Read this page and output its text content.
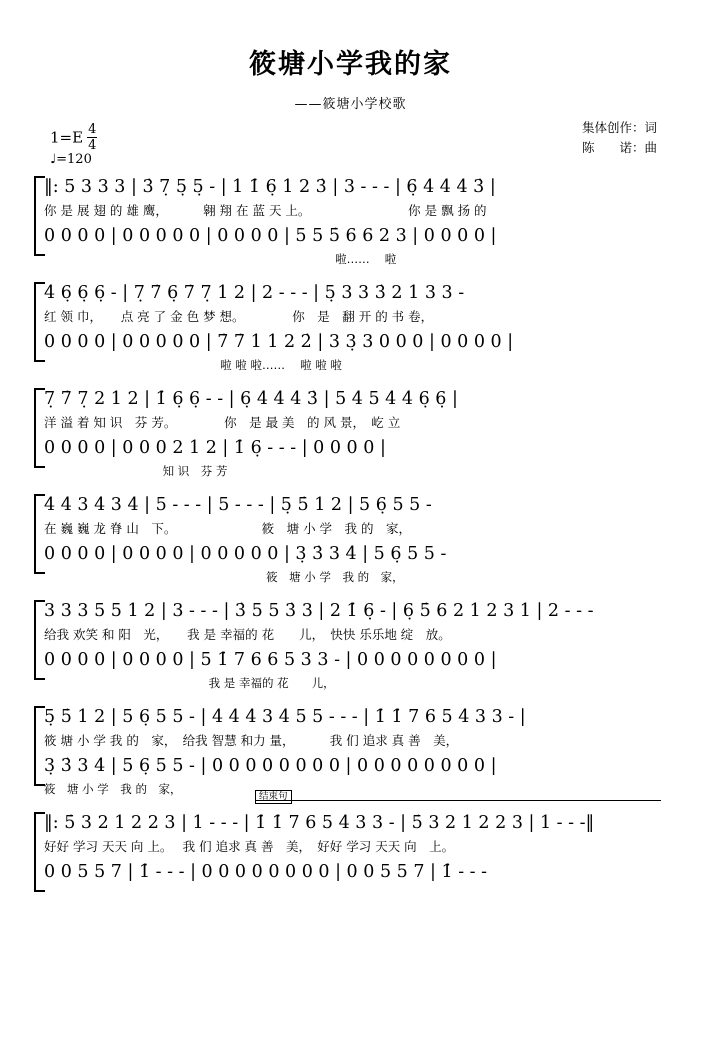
筱塘小学我的家
——筱塘小学校歌
$1=E \frac{4}{4}$
♩=120
集体创作：词
陈　　诺：曲
‖: 5 3 3 3 | 3̇ 7̣ 5̣ 5̣ - | 1 1̇ 6̣ 1 2 3̇ | 3 - - - | 6̣ 4 4 4 3̇ |
你 是 展 翅 的 雄 鹰，　　　 翱 翔 在 蓝 天 上。　　　　　　　　 你 是 飘 扬 的
0 0 0 0 | 0 0 0 0 0 | 0 0 0 0 | 5 5 5̇ 6 6 2 3 | 0 0 0 0 |
　　　　　　　　　　　　　　　　　　　　　　　　　 啦…… 　啦
4 6̣ 6̣ 6̣ - | 7̣ 7̇ 6̣ 7̇ 7̣ 1 2 | 2 - - - | 5̣ 3 3 3̇ 2 1 3 3 -
红 领 巾，　　点 亮 了 金 色 梦 想。　　　　 你　是　翻 开 的 书 卷，
0 0 0 0 | 0 0 0 0 0 | 7̇ 7̇ 1 1 2 2̇ | 3 3̣ 3 0 0 0 | 0 0 0 0 |
　　　　　　　　　　　　　　　 啦 啦 啦…… 　啦 啦 啦
7̣ 7̇ 7̣ 2 1 2 | 1̇ 6̣ 6̣ - - | 6̣ 4 4 4 3̇ | 5 4 5 4 4 6̣ 6̣ |
洋 溢 着 知 识　芬 芳。　　　　 你　是 最 美　的 风 景，　屹 立
0 0 0 0 | 0 0 0 2 1 2 | 1̇ 6̣ - - - | 0 0 0 0 |
　　　　　　　　　　 知 识　芬 芳
4 4̇ 3 4 3 4 | 5 - - - | 5 - - - | 5̣ 5̇ 1 2 | 5 6̣ 5 5 -
在 巍 巍 龙 脊 山　下。　　　　　　　 筱　塘 小 学　我 的　家，
0 0 0 0 | 0 0 0 0 | 0 0 0 0 0 | 3̣ 3̇ 3 4 | 5 6̣ 5 5 -
　　　　　　　　　　　　　　　　　　　 筱　塘 小 学　我 的　家，
3 3 3 5 5 1 2 | 3 - - - | 3̇ 5 5 3̇ 3 | 2 1̇ 6̣ - | 6̣ 5̇ 6 2 1 2 3 1 | 2 - - -
给我 欢笑 和 阳　光，　　我 是 幸福的 花　　儿，　快快 乐乐地 绽　放。
0 0 0 0 | 0 0 0 0 | 5 1̇ 7 6 6 5 3 3 - | 0 0 0 0 0 0 0 0 |
　　　　　　　　　　　　　　 我 是 幸福的 花　　儿，
5̣ 5̇ 1 2 | 5 6̣ 5 5 - | 4 4 4 3 4 5 5 - - - | 1̇ 1̇ 7 6 5 4̇ 3 3 - |
筱 塘 小 学 我 的　家，　给我 智慧 和力 量，　　　 我 们 追求 真 善　美，
3̣ 3̇ 3 4 | 5 6̣ 5 5 - | 0 0 0 0 0 0 0 0 | 0 0 0 0 0 0 0 0 |
筱　塘 小 学　我 的　家，
结束句
‖: 5̇ 3 2 1 2 2 3 | 1 - - - | 1̇ 1̇ 7 6 5 4̇ 3 3 - | 5̇ 3 2 1 2 2 3 | 1 - - -‖
好好 学习 天天 向 上。　 我 们 追求 真 善　美，　好好 学习 天天 向　上。
0 0 5 5 7 | 1̇ - - - | 0 0 0 0 0 0 0 0 | 0 0 5 5 7 | 1̇ - - -
